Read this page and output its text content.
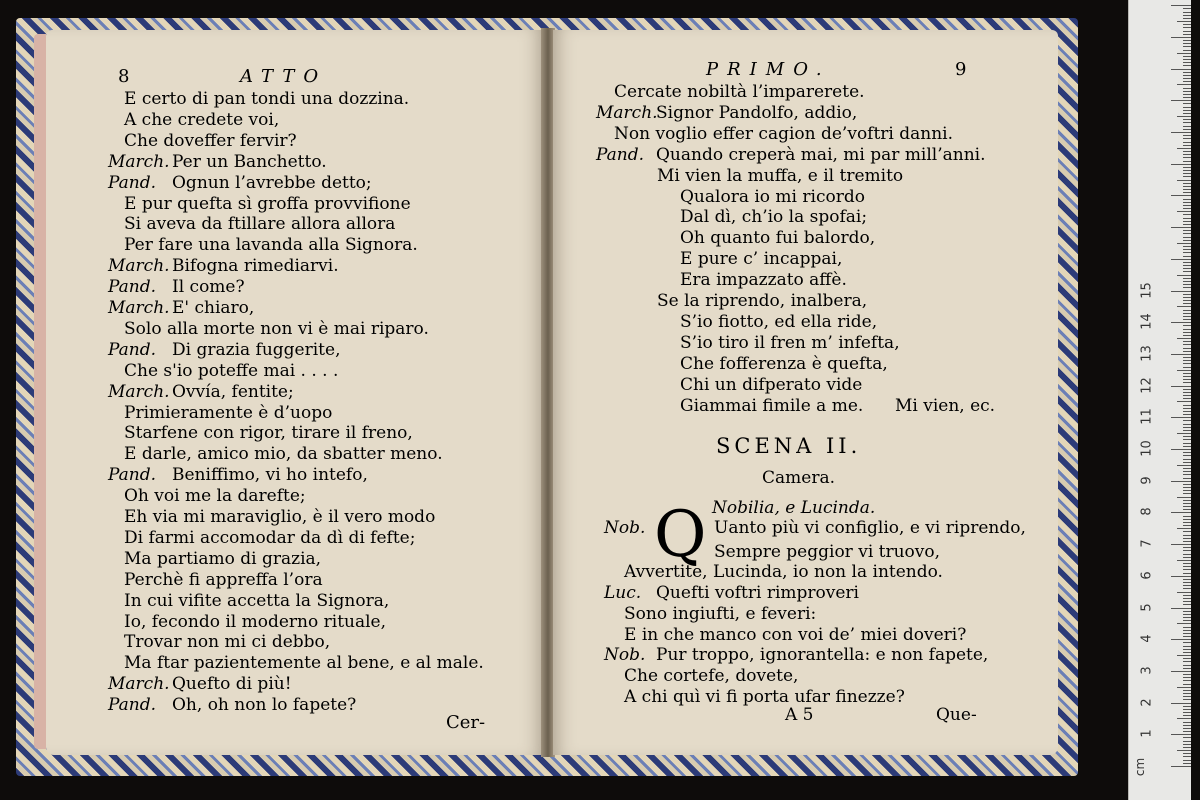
8	ATTO
E certo di pan tondi una dozzina.
A che credete voi,
Che doveffer fervir?
March. Per un Banchetto.
Pand. Ognun l’avrebbe detto;
E pur quefta sì groffa provvifione
Si aveva da ftillare allora allora
Per fare una lavanda alla Signora.
March. Bifogna rimediarvi.
Pand. Il come?
March. E' chiaro,
Solo alla morte non vi è mai riparo.
Pand. Di grazia fuggerite,
Che s'io poteffe mai . . . .
March. Ovvía, fentite;
Primieramente è d’uopo
Starfene con rigor, tirare il freno,
E darle, amico mio, da sbatter meno.
Pand. Beniffimo, vi ho intefo,
Oh voi me la darefte;
Eh via mi maraviglio, è il vero modo
Di farmi accomodar da dì di fefte;
Ma partiamo di grazia,
Perchè fi appreffa l’ora
In cui vifite accetta la Signora,
Io, fecondo il moderno rituale,
Trovar non mi ci debbo,
Ma ftar pazientemente al bene, e al male.
March. Quefto di più!
Pand. Oh, oh non lo fapete?
Cer-
PRIMO.	9
Cercate nobiltà l’imparerete.
March.
Signor Pandolfo, addio,
Non voglio effer cagion de’voftri danni.
Pand. Quando creperà mai, mi par mill’anni.
Mi vien la muffa, e il tremito
Qualora io mi ricordo
Dal dì, ch’io la spofai;
Oh quanto fui balordo,
E pure c’ incappai,
Era impazzato affè.
Se la riprendo, inalbera,
S’io fiotto, ed ella ride,
S’io tiro il fren m’ infefta,
Che fofferenza è quefta,
Chi un difperato vide
Giammai fimile a me. Mi vien, ec.
Nob.	Uanto più vi configlio, e vi riprendo,
Sempre peggior vi truovo,
Avvertite, Lucinda, io non la intendo.
Luc. Quefti voftri rimproveri
Sono ingiufti, e feveri:
E in che manco con voi de’ miei doveri?
Nob. Pur troppo, ignorantella: e non fapete,
Che cortefe, dovete,
A chi quì vi fi porta ufar finezze?
SCENA II.
Camera.
Nobilia, e Lucinda.
Q
A 5	Que-
cm
1
2
3
4
5
6
7
8
9
10
11
12
13
14
15
